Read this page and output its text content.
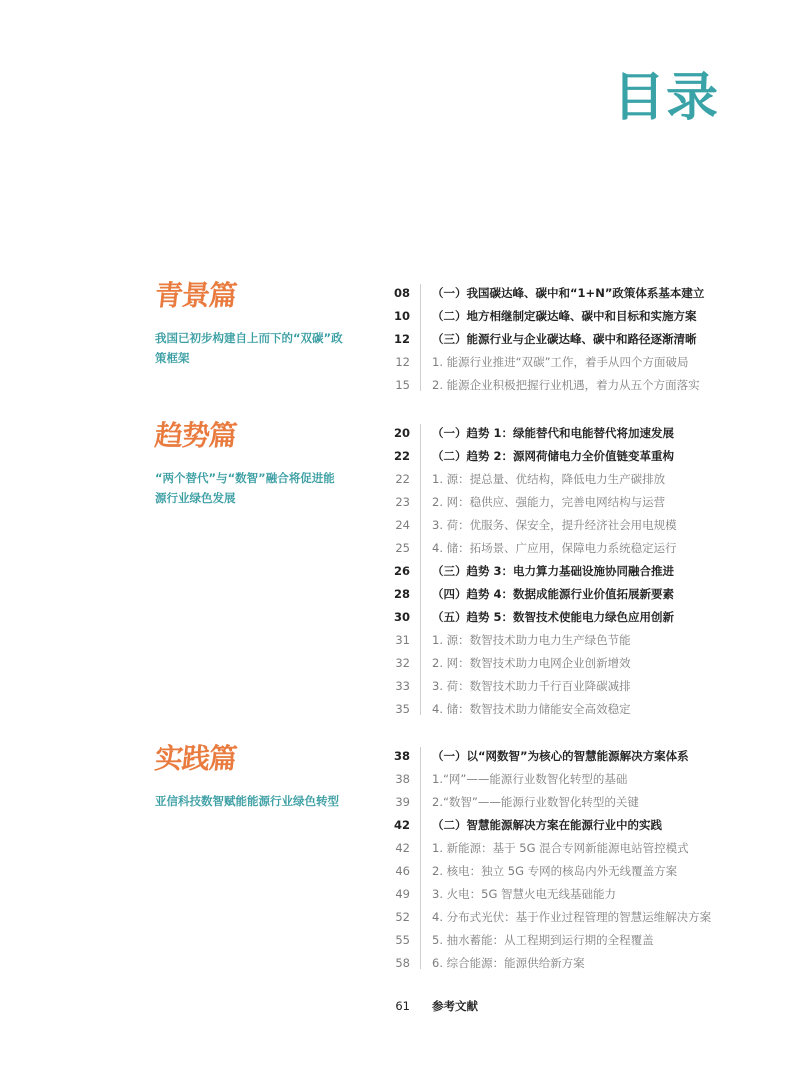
目录
青景篇
我国已初步构建自上而下的“双碳”政策框架
08 （一）我国碳达峰、碳中和“1+N”政策体系基本建立
10 （二）地方相继制定碳达峰、碳中和目标和实施方案
12 （三）能源行业与企业碳达峰、碳中和路径逐渐清晰
12 1. 能源行业推进“双碳”工作，着手从四个方面破局
15 2. 能源企业积极把握行业机遇，着力从五个方面落实
趋势篇
“两个替代”与“数智”融合将促进能源行业绿色发展
20 （一）趋势 1：绿能替代和电能替代将加速发展
22 （二）趋势 2：源网荷储电力全价值链变革重构
22 1. 源：提总量、优结构，降低电力生产碳排放
23 2. 网：稳供应、强能力，完善电网结构与运营
24 3. 荷：优服务、保安全，提升经济社会用电规模
25 4. 储：拓场景、广应用，保障电力系统稳定运行
26 （三）趋势 3：电力算力基础设施协同融合推进
28 （四）趋势 4：数据成能源行业价值拓展新要素
30 （五）趋势 5：数智技术使能电力绿色应用创新
31 1. 源：数智技术助力电力生产绿色节能
32 2. 网：数智技术助力电网企业创新增效
33 3. 荷：数智技术助力千行百业降碳减排
35 4. 储：数智技术助力储能安全高效稳定
实践篇
亚信科技数智赋能能源行业绿色转型
38 （一）以“网数智”为核心的智慧能源解决方案体系
38 1.“网”——能源行业数智化转型的基础
39 2.“数智”——能源行业数智化转型的关键
42 （二）智慧能源解决方案在能源行业中的实践
42 1. 新能源：基于 5G 混合专网新能源电站管控模式
46 2. 核电：独立 5G 专网的核岛内外无线覆盖方案
49 3. 火电：5G 智慧火电无线基础能力
52 4. 分布式光伏：基于作业过程管理的智慧运维解决方案
55 5. 抽水蓄能：从工程期到运行期的全程覆盖
58 6. 综合能源：能源供给新方案
61 参考文献
